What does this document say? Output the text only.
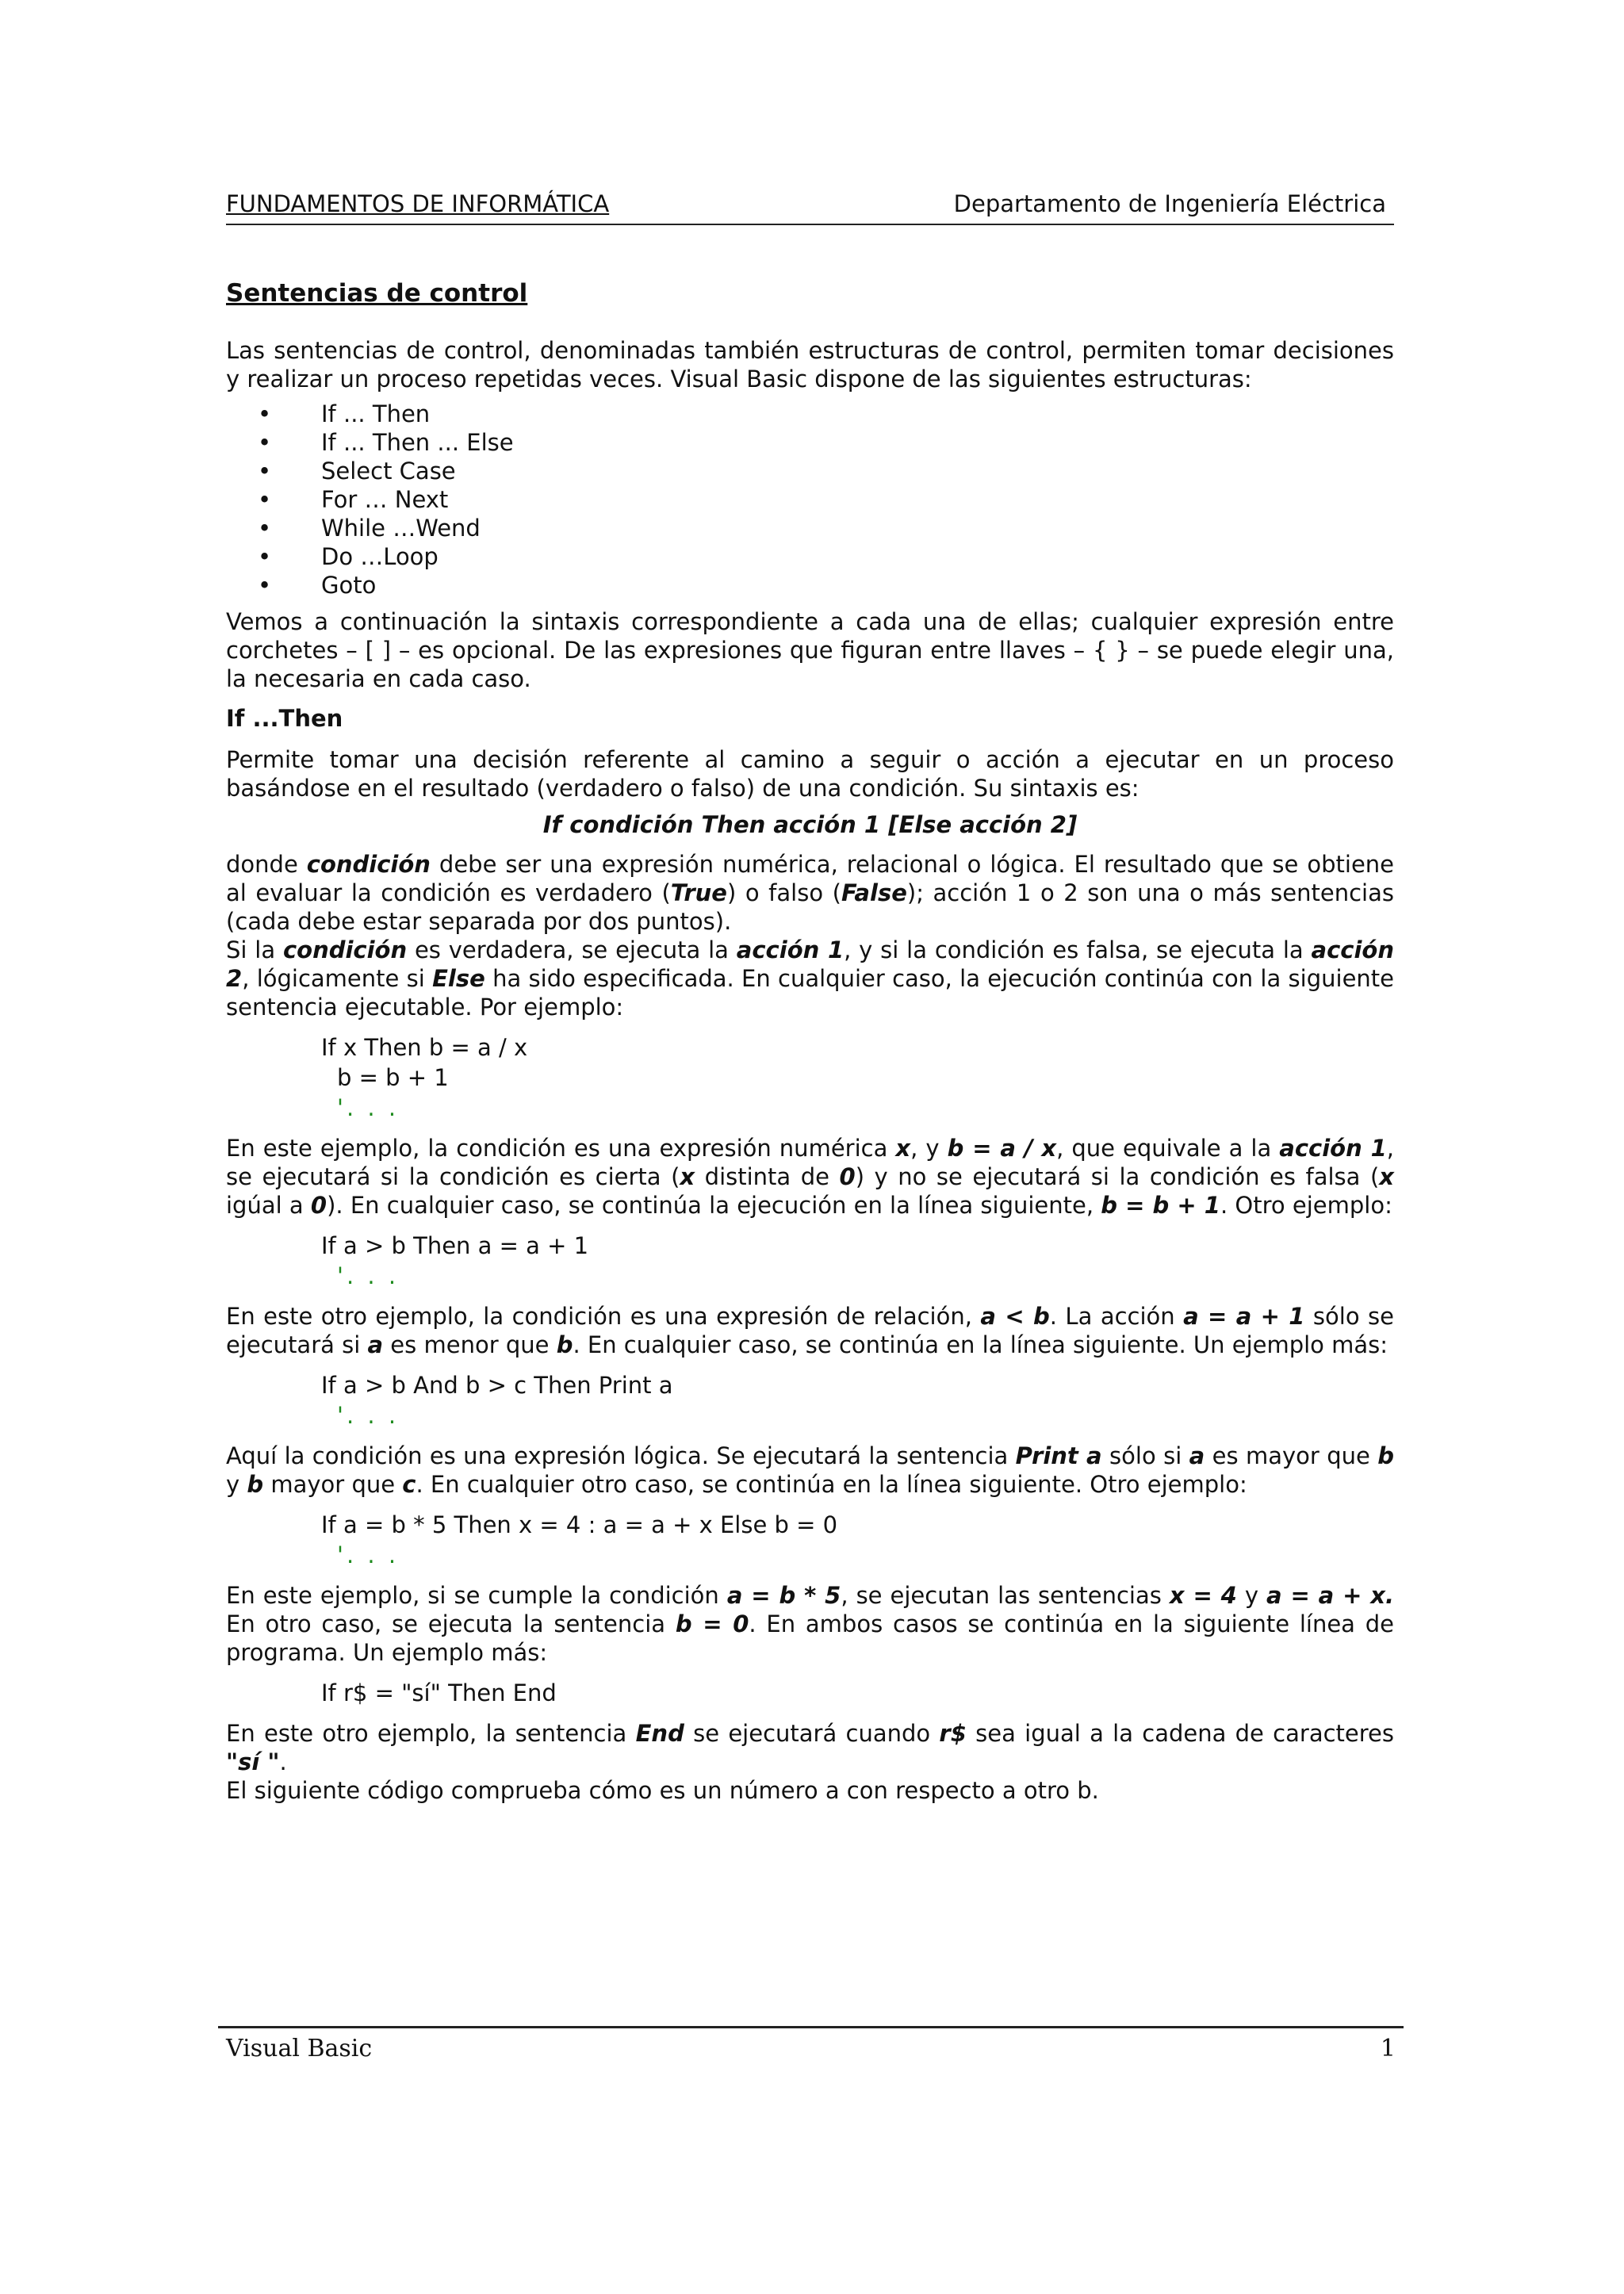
FUNDAMENTOS DE INFORMÁTICA	Departamento de Ingeniería Eléctrica

Sentencias de control

Las sentencias de control, denominadas también estructuras de control, permiten tomar decisiones y realizar un proceso repetidas veces. Visual Basic dispone de las siguientes estructuras:

• If ... Then
• If ... Then ... Else
• Select Case
• For … Next
• While …Wend
• Do …Loop
• Goto

Vemos a continuación la sintaxis correspondiente a cada una de ellas; cualquier expresión entre corchetes – [ ] – es opcional. De las expresiones que figuran entre llaves – { } – se puede elegir una, la necesaria en cada caso.

If ...Then

Permite tomar una decisión referente al camino a seguir o acción a ejecutar en un proceso basándose en el resultado (verdadero o falso) de una condición. Su sintaxis es:

If condición Then acción 1 [Else acción 2]

donde condición debe ser una expresión numérica, relacional o lógica. El resultado que se obtiene al evaluar la condición es verdadero (True) o falso (False); acción 1 o 2 son una o más sentencias (cada debe estar separada por dos puntos).

Si la condición es verdadera, se ejecuta la acción 1, y si la condición es falsa, se ejecuta la acción 2, lógicamente si Else ha sido especificada. En cualquier caso, la ejecución continúa con la siguiente sentencia ejecutable. Por ejemplo:

If x Then b = a / x
b = b + 1
'. . .

En este ejemplo, la condición es una expresión numérica x, y b = a / x, que equivale a la acción 1, se ejecutará si la condición es cierta (x distinta de 0) y no se ejecutará si la condición es falsa (x igúal a 0). En cualquier caso, se continúa la ejecución en la línea siguiente, b = b + 1. Otro ejemplo:

If a > b Then a = a + 1
'. . .

En este otro ejemplo, la condición es una expresión de relación, a < b. La acción a = a + 1 sólo se ejecutará si a es menor que b. En cualquier caso, se continúa en la línea siguiente. Un ejemplo más:

If a > b And b > c Then Print a
'. . .

Aquí la condición es una expresión lógica. Se ejecutará la sentencia Print a sólo si a es mayor que b y b mayor que c. En cualquier otro caso, se continúa en la línea siguiente. Otro ejemplo:

If a = b * 5 Then x = 4 : a = a + x Else b = 0
'. . .

En este ejemplo, si se cumple la condición a = b * 5, se ejecutan las sentencias x = 4 y a = a + x. En otro caso, se ejecuta la sentencia b = 0. En ambos casos se continúa en la siguiente línea de programa. Un ejemplo más:

If r$ = "sí" Then End

En este otro ejemplo, la sentencia End se ejecutará cuando r$ sea igual a la cadena de caracteres "sí ".

El siguiente código comprueba cómo es un número a con respecto a otro b.

Visual Basic	1
